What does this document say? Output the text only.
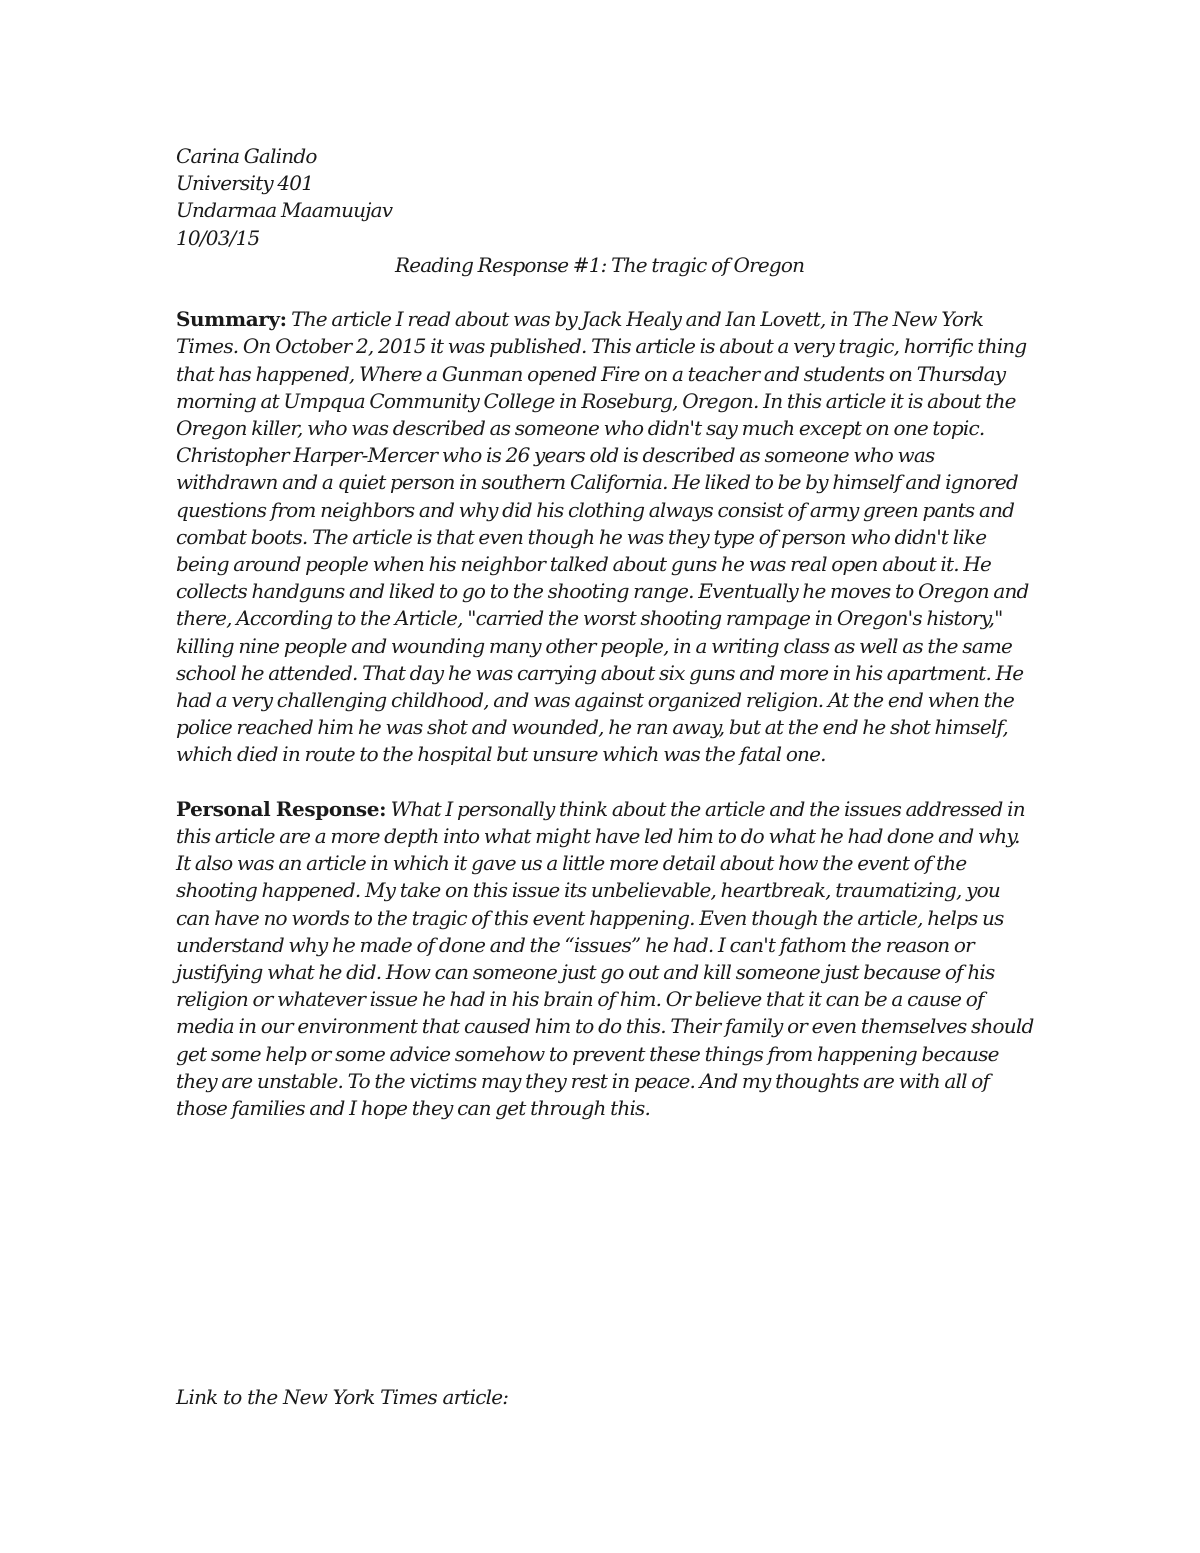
Carina Galindo
University 401
Undarmaa Maamuujav
10/03/15
Reading Response #1: The tragic of Oregon

Summary: The article I read about was by Jack Healy and Ian Lovett, in The New York Times. On October 2, 2015 it was published. This article is about a very tragic, horrific thing that has happened, Where a Gunman opened Fire on a teacher and students on Thursday morning at Umpqua Community College in Roseburg, Oregon. In this article it is about the Oregon killer, who was described as someone who didn't say much except on one topic. Christopher Harper-Mercer who is 26 years old is described as someone who was withdrawn and a quiet person in southern California. He liked to be by himself and ignored questions from neighbors and why did his clothing always consist of army green pants and combat boots. The article is that even though he was they type of person who didn't like being around people when his neighbor talked about guns he was real open about it. He collects handguns and liked to go to the shooting range. Eventually he moves to Oregon and there, According to the Article, "carried the worst shooting rampage in Oregon's history," killing nine people and wounding many other people, in a writing class as well as the same school he attended. That day he was carrying about six guns and more in his apartment. He had a very challenging childhood, and was against organized religion. At the end when the police reached him he was shot and wounded, he ran away, but at the end he shot himself, which died in route to the hospital but unsure which was the fatal one.

Personal Response: What I personally think about the article and the issues addressed in this article are a more depth into what might have led him to do what he had done and why. It also was an article in which it gave us a little more detail about how the event of the shooting happened. My take on this issue its unbelievable, heartbreak, traumatizing, you can have no words to the tragic of this event happening. Even though the article, helps us understand why he made of done and the “issues” he had. I can't fathom the reason or justifying what he did. How can someone just go out and kill someone just because of his religion or whatever issue he had in his brain of him. Or believe that it can be a cause of media in our environment that caused him to do this. Their family or even themselves should get some help or some advice somehow to prevent these things from happening because they are unstable. To the victims may they rest in peace. And my thoughts are with all of those families and I hope they can get through this.

Link to the New York Times article:
